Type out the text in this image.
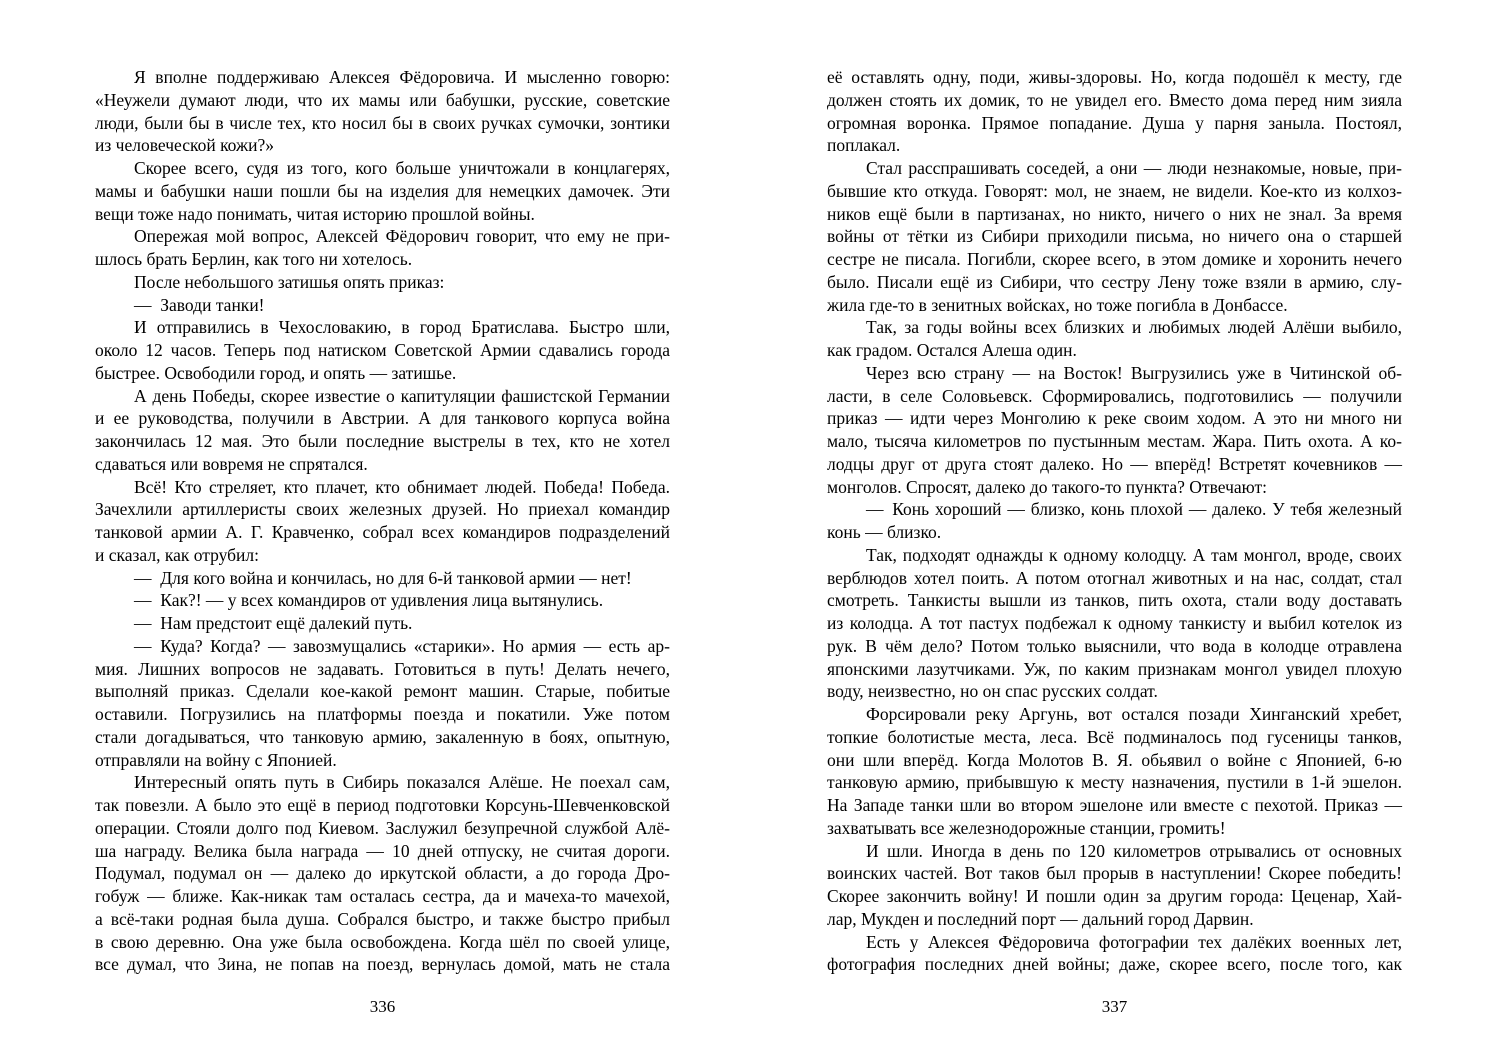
Я вполне поддерживаю Алексея Фёдоровича. И мысленно говорю:
«Неужели думают люди, что их мамы или бабушки, русские, советские
люди, были бы в числе тех, кто носил бы в своих ручках сумочки, зонтики
из человеческой кожи?»
Скорее всего, судя из того, кого больше уничтожали в концлагерях,
мамы и бабушки наши пошли бы на изделия для немецких дамочек. Эти
вещи тоже надо понимать, читая историю прошлой войны.
Опережая мой вопрос, Алексей Фёдорович говорит, что ему не при-
шлось брать Берлин, как того ни хотелось.
После небольшого затишья опять приказ:
— Заводи танки!
И отправились в Чехословакию, в город Братислава. Быстро шли,
около 12 часов. Теперь под натиском Советской Армии сдавались города
быстрее. Освободили город, и опять — затишье.
А день Победы, скорее известие о капитуляции фашистской Германии
и ее руководства, получили в Австрии. А для танкового корпуса война
закончилась 12 мая. Это были последние выстрелы в тех, кто не хотел
сдаваться или вовремя не спрятался.
Всё! Кто стреляет, кто плачет, кто обнимает людей. Победа! Победа.
Зачехлили артиллеристы своих железных друзей. Но приехал командир
танковой армии А. Г. Кравченко, собрал всех командиров подразделений
и сказал, как отрубил:
— Для кого война и кончилась, но для 6-й танковой армии — нет!
— Как?! — у всех командиров от удивления лица вытянулись.
— Нам предстоит ещё далекий путь.
— Куда? Когда? — завозмущались «старики». Но армия — есть ар-
мия. Лишних вопросов не задавать. Готовиться в путь! Делать нечего,
выполняй приказ. Сделали кое-какой ремонт машин. Старые, побитые
оставили. Погрузились на платформы поезда и покатили. Уже потом
стали догадываться, что танковую армию, закаленную в боях, опытную,
отправляли на войну с Японией.
Интересный опять путь в Сибирь показался Алёше. Не поехал сам,
так повезли. А было это ещё в период подготовки Корсунь-Шевченковской
операции. Стояли долго под Киевом. Заслужил безупречной службой Алё-
ша награду. Велика была награда — 10 дней отпуску, не считая дороги.
Подумал, подумал он — далеко до иркутской области, а до города Дро-
гобуж — ближе. Как-никак там осталась сестра, да и мачеха-то мачехой,
а всё-таки родная была душа. Собрался быстро, и также быстро прибыл
в свою деревню. Она уже была освобождена. Когда шёл по своей улице,
все думал, что Зина, не попав на поезд, вернулась домой, мать не стала
её оставлять одну, поди, живы-здоровы. Но, когда подошёл к месту, где
должен стоять их домик, то не увидел его. Вместо дома перед ним зияла
огромная воронка. Прямое попадание. Душа у парня заныла. Постоял,
поплакал.
Стал расспрашивать соседей, а они — люди незнакомые, новые, при-
бывшие кто откуда. Говорят: мол, не знаем, не видели. Кое-кто из колхоз-
ников ещё были в партизанах, но никто, ничего о них не знал. За время
войны от тётки из Сибири приходили письма, но ничего она о старшей
сестре не писала. Погибли, скорее всего, в этом домике и хоронить нечего
было. Писали ещё из Сибири, что сестру Лену тоже взяли в армию, слу-
жила где-то в зенитных войсках, но тоже погибла в Донбассе.
Так, за годы войны всех близких и любимых людей Алёши выбило,
как градом. Остался Алеша один.
Через всю страну — на Восток! Выгрузились уже в Читинской об-
ласти, в селе Соловьевск. Сформировались, подготовились — получили
приказ — идти через Монголию к реке своим ходом. А это ни много ни
мало, тысяча километров по пустынным местам. Жара. Пить охота. А ко-
лодцы друг от друга стоят далеко. Но — вперёд! Встретят кочевников —
монголов. Спросят, далеко до такого-то пункта? Отвечают:
— Конь хороший — близко, конь плохой — далеко. У тебя железный
конь — близко.
Так, подходят однажды к одному колодцу. А там монгол, вроде, своих
верблюдов хотел поить. А потом отогнал животных и на нас, солдат, стал
смотреть. Танкисты вышли из танков, пить охота, стали воду доставать
из колодца. А тот пастух подбежал к одному танкисту и выбил котелок из
рук. В чём дело? Потом только выяснили, что вода в колодце отравлена
японскими лазутчиками. Уж, по каким признакам монгол увидел плохую
воду, неизвестно, но он спас русских солдат.
Форсировали реку Аргунь, вот остался позади Хинганский хребет,
топкие болотистые места, леса. Всё подминалось под гусеницы танков,
они шли вперёд. Когда Молотов В. Я. обьявил о войне с Японией, 6-ю
танковую армию, прибывшую к месту назначения, пустили в 1-й эшелон.
На Западе танки шли во втором эшелоне или вместе с пехотой. Приказ —
захватывать все железнодорожные станции, громить!
И шли. Иногда в день по 120 километров отрывались от основных
воинских частей. Вот таков был прорыв в наступлении! Скорее победить!
Скорее закончить войну! И пошли один за другим города: Цеценар, Хай-
лар, Мукден и последний порт — дальний город Дарвин.
Есть у Алексея Фёдоровича фотографии тех далёких военных лет,
фотография последних дней войны; даже, скорее всего, после того, как
336	337
